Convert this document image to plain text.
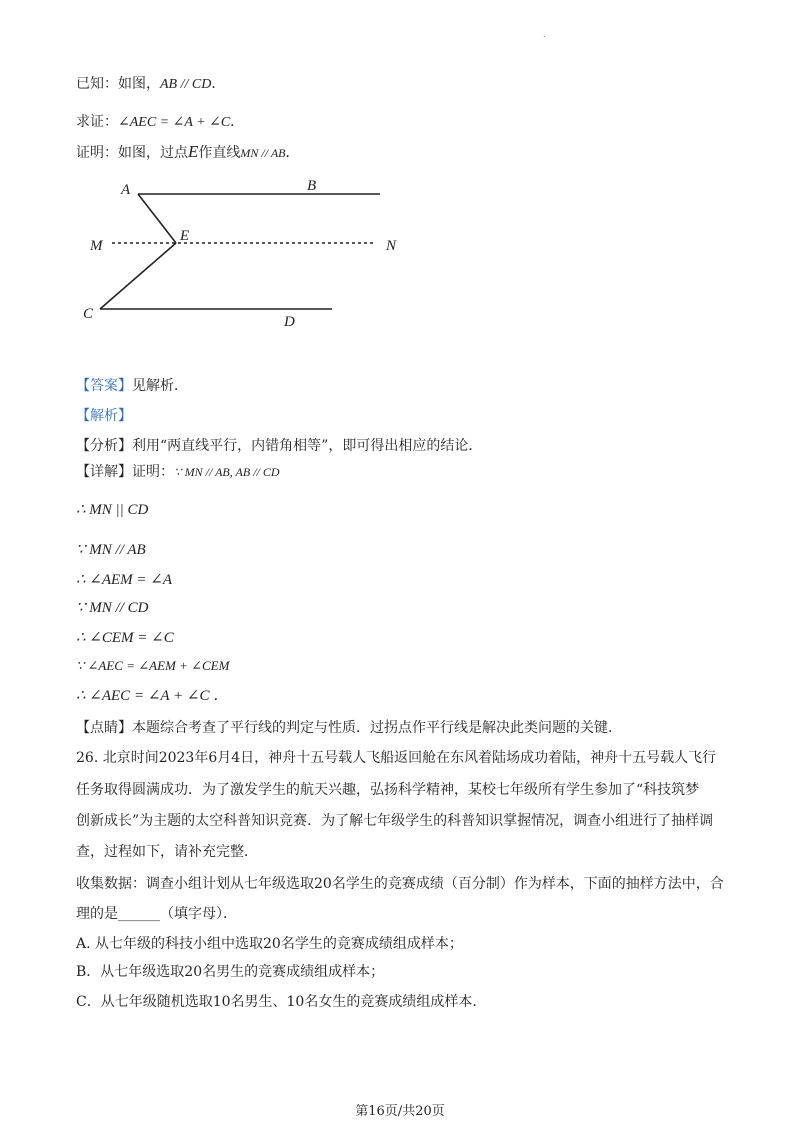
.
已知：如图，AB // CD．
求证：∠AEC = ∠A + ∠C．
证明：如图，过点E作直线MN // AB．
A	B
M
E
N
C	D
【答案】见解析．
【解析】
【分析】利用“两直线平行，内错角相等”，即可得出相应的结论．
【详解】证明：∵ MN // AB, AB // CD
∴ MN || CD
∵ MN // AB
∴ ∠AEM = ∠A
∵ MN // CD
∴ ∠CEM = ∠C
∵ ∠AEC = ∠AEM + ∠CEM
∴ ∠AEC = ∠A + ∠C ．
【点睛】本题综合考查了平行线的判定与性质．过拐点作平行线是解决此类问题的关键．
26. 北京时间2023年6月4日，神舟十五号载人飞船返回舱在东风着陆场成功着陆，神舟十五号载人飞行
任务取得圆满成功．为了激发学生的航天兴趣，弘扬科学精神，某校七年级所有学生参加了“科技筑梦
创新成长”为主题的太空科普知识竞赛．为了解七年级学生的科普知识掌握情况，调查小组进行了抽样调
查，过程如下，请补充完整．
收集数据：调查小组计划从七年级选取20名学生的竞赛成绩（百分制）作为样本，下面的抽样方法中，合
理的是______（填字母）．
A. 从七年级的科技小组中选取20名学生的竞赛成绩组成样本；
B．从七年级选取20名男生的竞赛成绩组成样本；
C．从七年级随机选取10名男生、10名女生的竞赛成绩组成样本．
第16页/共20页
